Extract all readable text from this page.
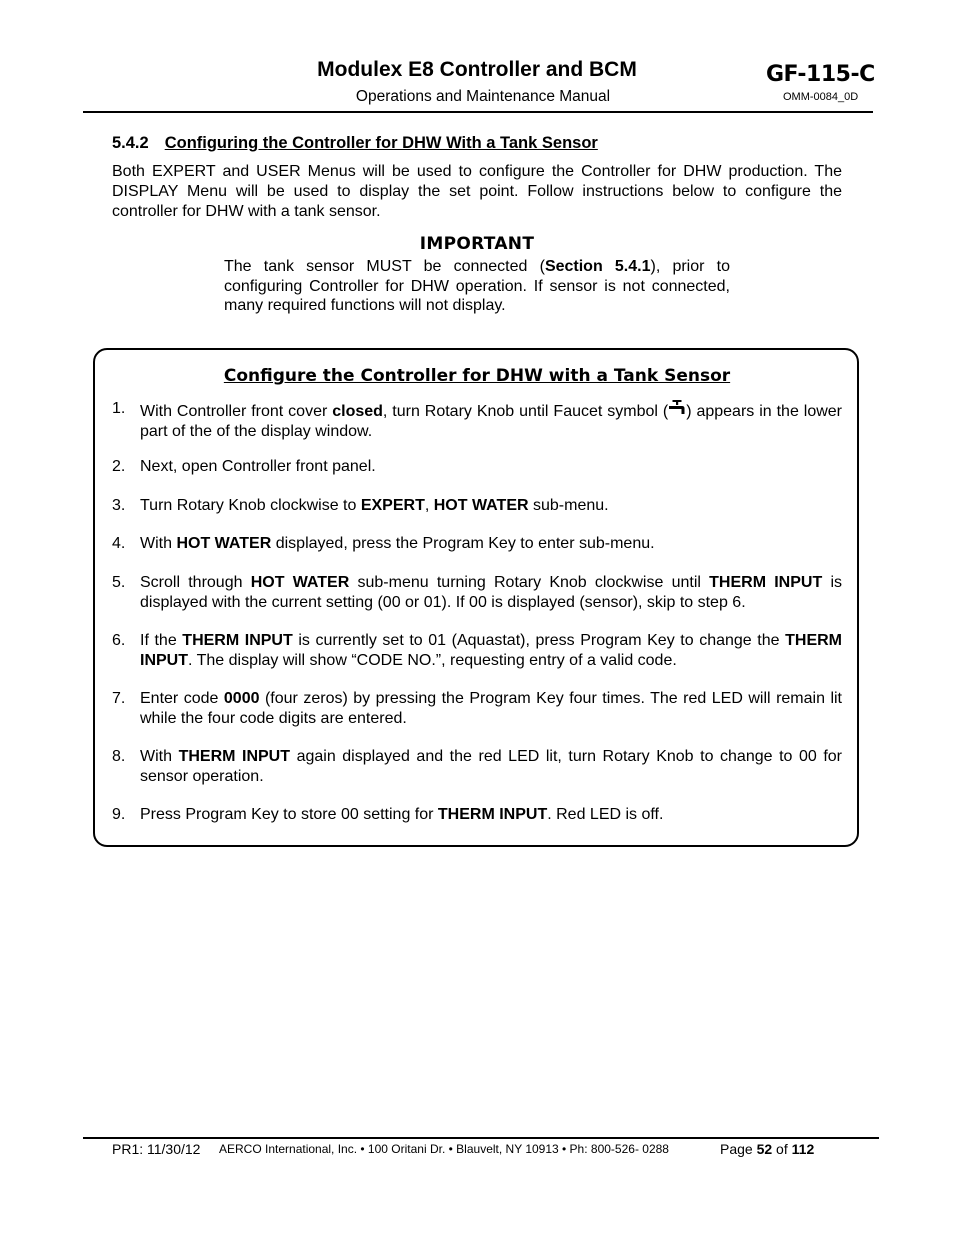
Modulex E8 Controller and BCM
Operations and Maintenance Manual
GF-115-C
OMM-0084_0D
5.4.2 Configuring the Controller for DHW With a Tank Sensor
Both EXPERT and USER Menus will be used to configure the Controller for DHW production. The DISPLAY Menu will be used to display the set point. Follow instructions below to configure the controller for DHW with a tank sensor.
IMPORTANT
The tank sensor MUST be connected (Section 5.4.1), prior to configuring Controller for DHW operation. If sensor is not connected, many required functions will not display.
Configure the Controller for DHW with a Tank Sensor
1. With Controller front cover closed, turn Rotary Knob until Faucet symbol ( ) appears in the lower part of the of the display window.
2. Next, open Controller front panel.
3. Turn Rotary Knob clockwise to EXPERT, HOT WATER sub-menu.
4. With HOT WATER displayed, press the Program Key to enter sub-menu.
5. Scroll through HOT WATER sub-menu turning Rotary Knob clockwise until THERM INPUT is displayed with the current setting (00 or 01). If 00 is displayed (sensor), skip to step 6.
6. If the THERM INPUT is currently set to 01 (Aquastat), press Program Key to change the THERM INPUT. The display will show “CODE NO.”, requesting entry of a valid code.
7. Enter code 0000 (four zeros) by pressing the Program Key four times. The red LED will remain lit while the four code digits are entered.
8. With THERM INPUT again displayed and the red LED lit, turn Rotary Knob to change to 00 for sensor operation.
9. Press Program Key to store 00 setting for THERM INPUT. Red LED is off.
PR1: 11/30/12 AERCO International, Inc. • 100 Oritani Dr. • Blauvelt, NY 10913 • Ph: 800-526- 0288	Page 52 of 112
